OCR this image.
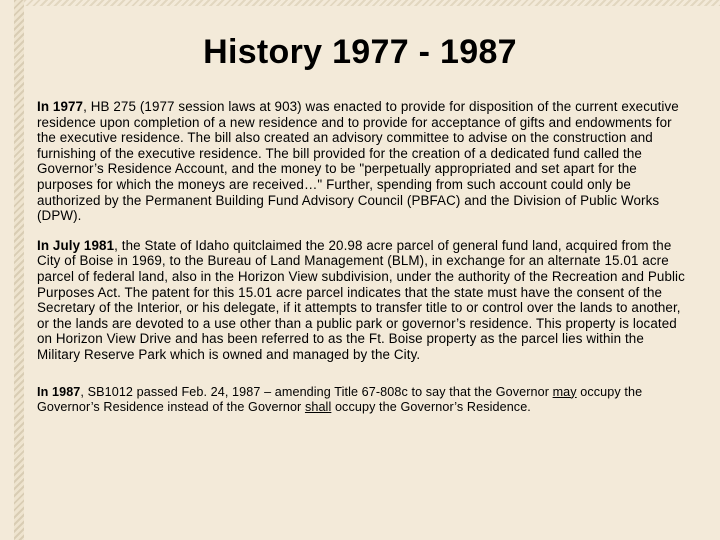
History 1977 - 1987

In 1977, HB 275 (1977 session laws at 903) was enacted to provide for disposition of the current executive residence upon completion of a new residence and to provide for acceptance of gifts and endowments for the executive residence. The bill also created an advisory committee to advise on the construction and furnishing of the executive residence. The bill provided for the creation of a dedicated fund called the Governor’s Residence Account, and the money to be "perpetually appropriated and set apart for the purposes for which the moneys are received…" Further, spending from such account could only be authorized by the Permanent Building Fund Advisory Council (PBFAC) and the Division of Public Works (DPW).

In July 1981, the State of Idaho quitclaimed the 20.98 acre parcel of general fund land, acquired from the City of Boise in 1969, to the Bureau of Land Management (BLM), in exchange for an alternate 15.01 acre parcel of federal land, also in the Horizon View subdivision, under the authority of the Recreation and Public Purposes Act. The patent for this 15.01 acre parcel indicates that the state must have the consent of the Secretary of the Interior, or his delegate, if it attempts to transfer title to or control over the lands to another, or the lands are devoted to a use other than a public park or governor’s residence. This property is located on Horizon View Drive and has been referred to as the Ft. Boise property as the parcel lies within the Military Reserve Park which is owned and managed by the City.

In 1987, SB1012 passed Feb. 24, 1987 – amending Title 67-808c to say that the Governor may occupy the Governor’s Residence instead of the Governor shall occupy the Governor’s Residence.
